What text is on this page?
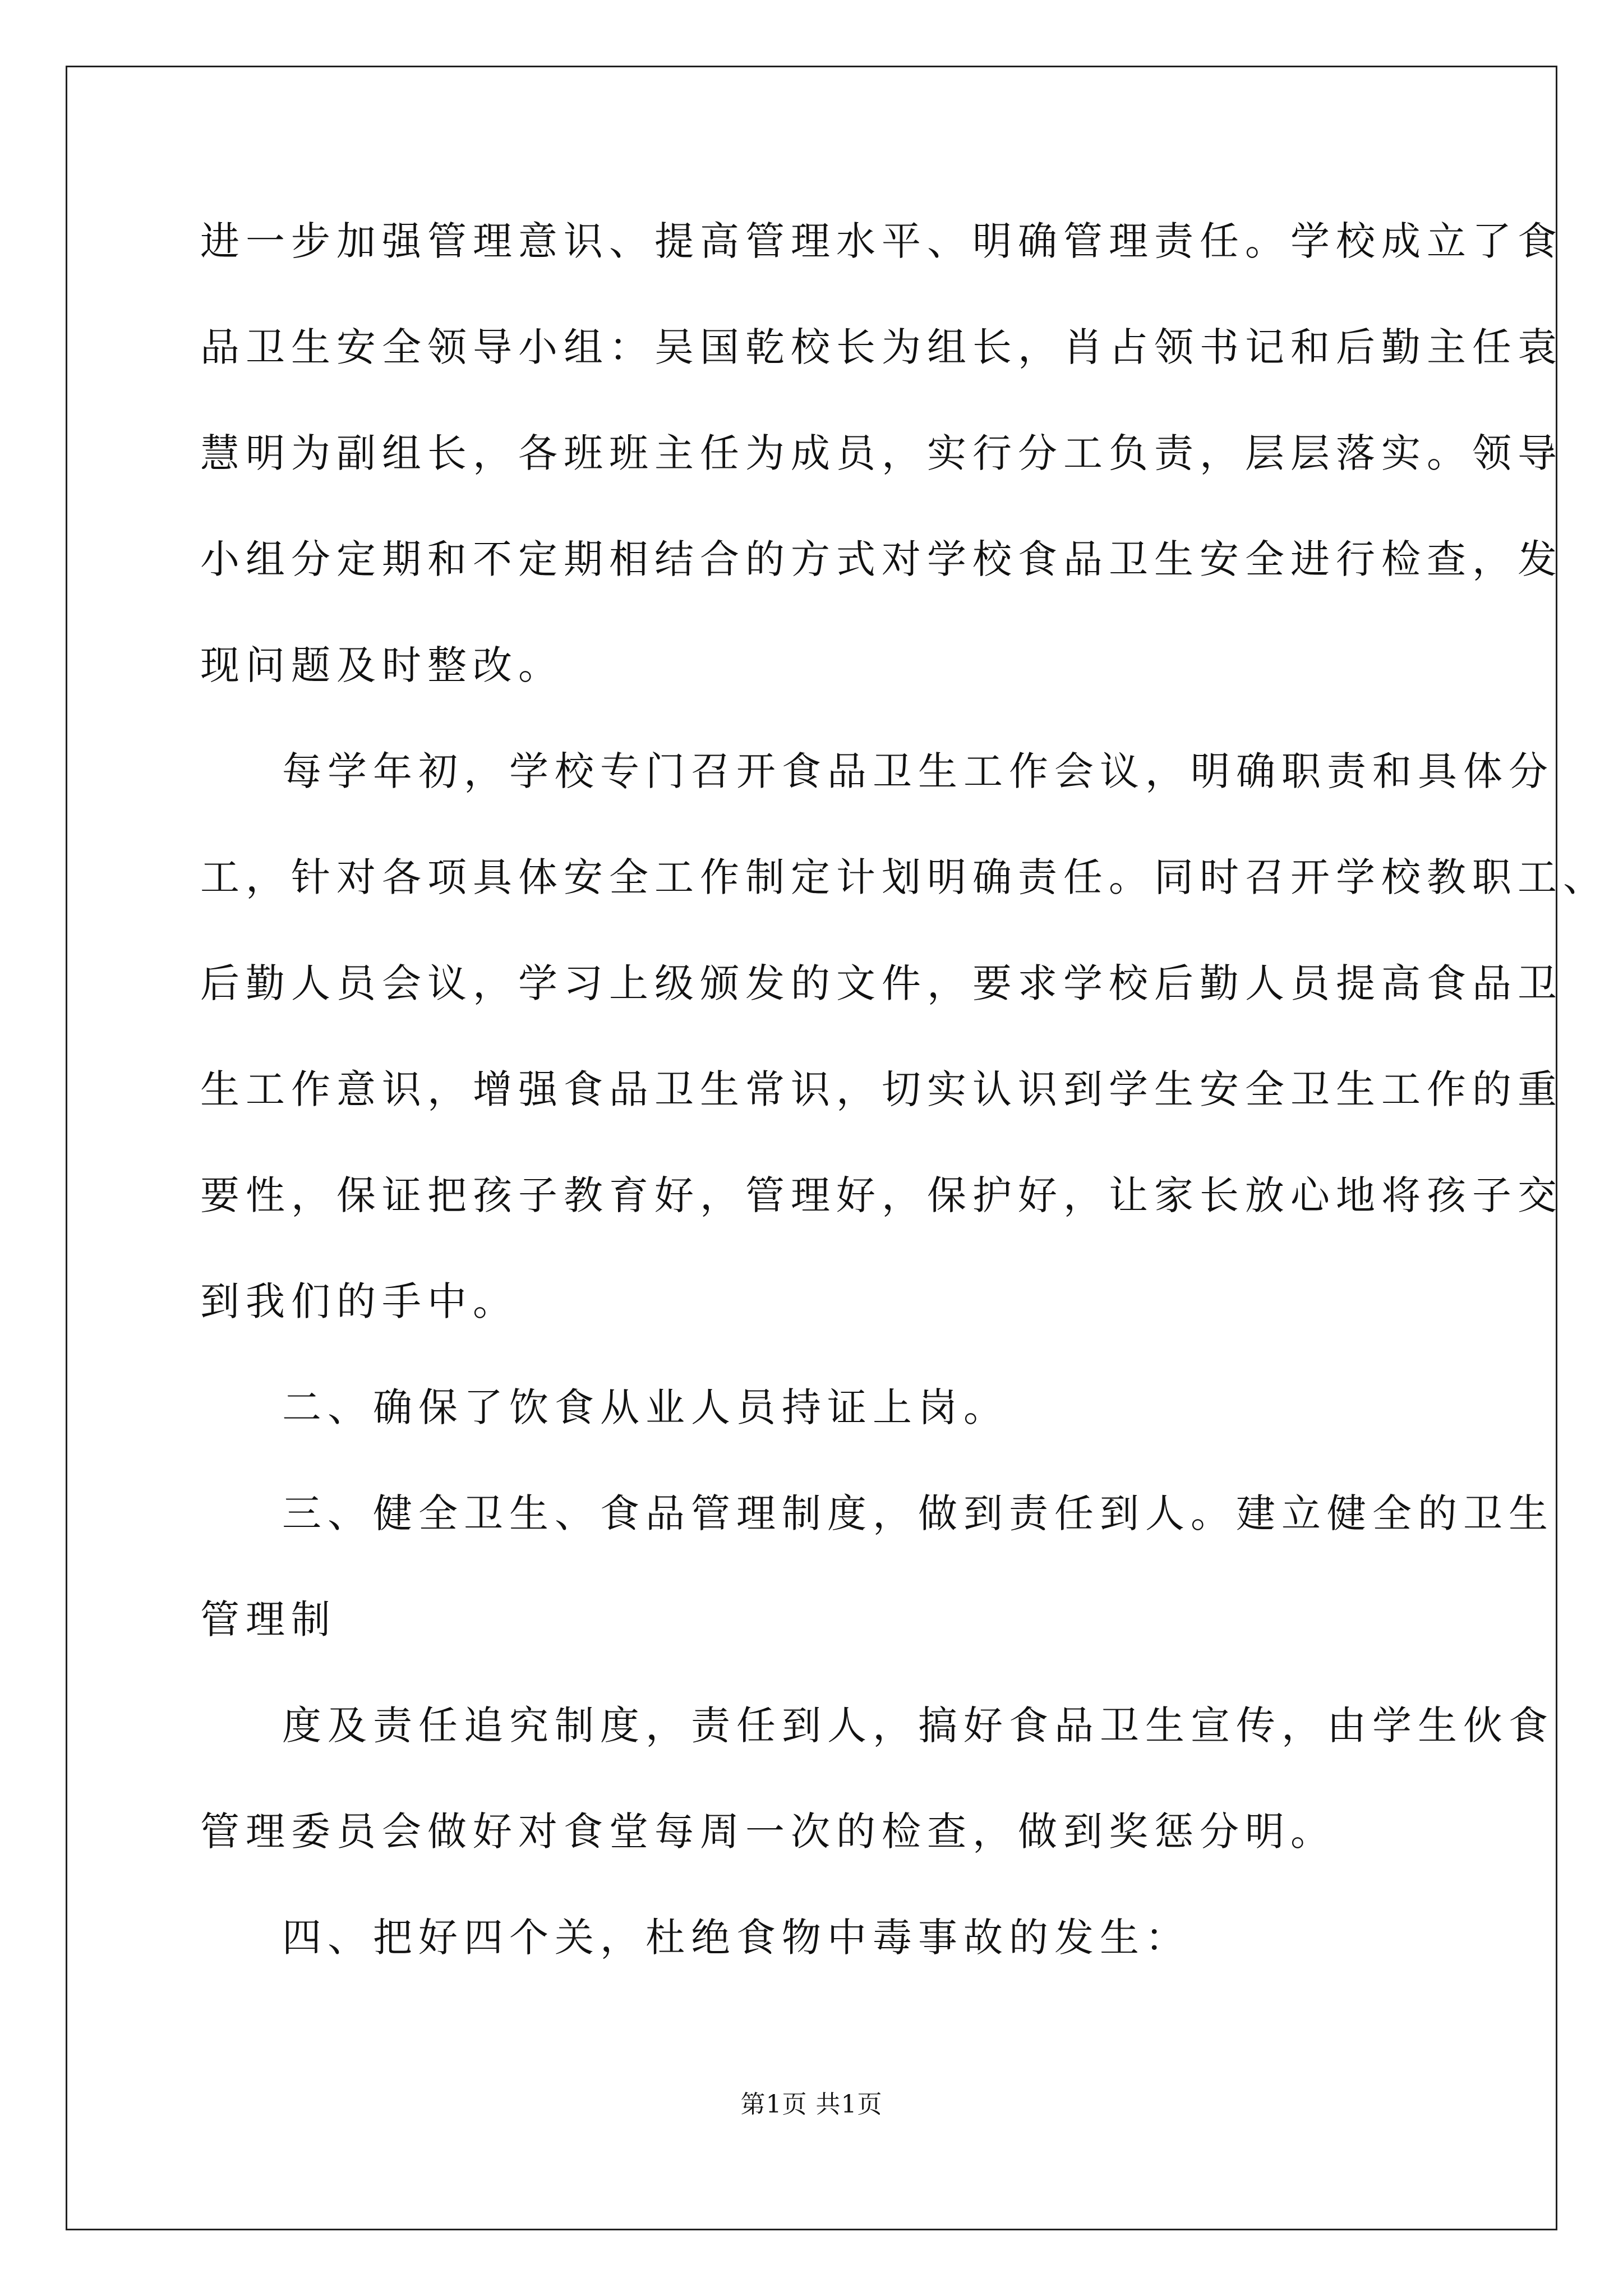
进一步加强管理意识、提高管理水平、明确管理责任。学校成立了食
品卫生安全领导小组：吴国乾校长为组长，肖占领书记和后勤主任袁
慧明为副组长，各班班主任为成员，实行分工负责，层层落实。领导
小组分定期和不定期相结合的方式对学校食品卫生安全进行检查，发
现问题及时整改。
每学年初，学校专门召开食品卫生工作会议，明确职责和具体分
工，针对各项具体安全工作制定计划明确责任。同时召开学校教职工、
后勤人员会议，学习上级颁发的文件，要求学校后勤人员提高食品卫
生工作意识，增强食品卫生常识，切实认识到学生安全卫生工作的重
要性，保证把孩子教育好，管理好，保护好，让家长放心地将孩子交
到我们的手中。
二、确保了饮食从业人员持证上岗。
三、健全卫生、食品管理制度，做到责任到人。建立健全的卫生
管理制
度及责任追究制度，责任到人，搞好食品卫生宣传，由学生伙食
管理委员会做好对食堂每周一次的检查，做到奖惩分明。
四、把好四个关，杜绝食物中毒事故的发生：
第1页 共1页
